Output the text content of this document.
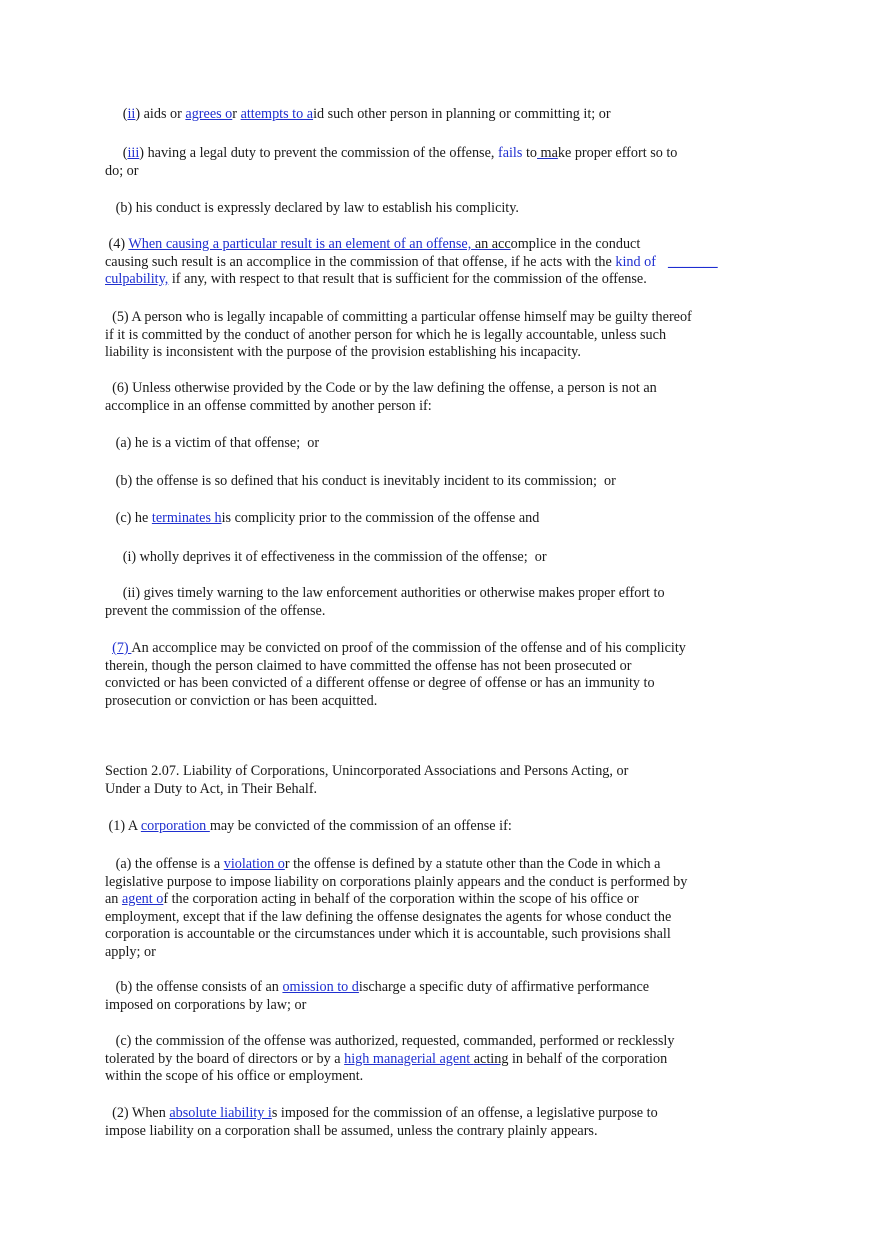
(ii) aids or agrees or attempts to aid such other person in planning or committing it; or
(iii) having a legal duty to prevent the commission of the offense, fails to make proper effort so to
do; or
(b) his conduct is expressly declared by law to establish his complicity.
(4) When causing a particular result is an element of an offense, an accomplice in the conduct
causing such result is an accomplice in the commission of that offense, if he acts with the kind of _______
culpability, if any, with respect to that result that is sufficient for the commission of the offense.
(5) A person who is legally incapable of committing a particular offense himself may be guilty thereof
if it is committed by the conduct of another person for which he is legally accountable, unless such
liability is inconsistent with the purpose of the provision establishing his incapacity.
(6) Unless otherwise provided by the Code or by the law defining the offense, a person is not an
accomplice in an offense committed by another person if:
(a) he is a victim of that offense;  or
(b) the offense is so defined that his conduct is inevitably incident to its commission;  or
(c) he terminates his complicity prior to the commission of the offense and
(i) wholly deprives it of effectiveness in the commission of the offense;  or
(ii) gives timely warning to the law enforcement authorities or otherwise makes proper effort to
prevent the commission of the offense.
(7) An accomplice may be convicted on proof of the commission of the offense and of his complicity
therein, though the person claimed to have committed the offense has not been prosecuted or
convicted or has been convicted of a different offense or degree of offense or has an immunity to
prosecution or conviction or has been acquitted.
Section 2.07. Liability of Corporations, Unincorporated Associations and Persons Acting, or
Under a Duty to Act, in Their Behalf.
(1) A corporation may be convicted of the commission of an offense if:
(a) the offense is a violation or the offense is defined by a statute other than the Code in which a
legislative purpose to impose liability on corporations plainly appears and the conduct is performed by
an agent of the corporation acting in behalf of the corporation within the scope of his office or
employment, except that if the law defining the offense designates the agents for whose conduct the
corporation is accountable or the circumstances under which it is accountable, such provisions shall
apply; or
(b) the offense consists of an omission to discharge a specific duty of affirmative performance
imposed on corporations by law; or
(c) the commission of the offense was authorized, requested, commanded, performed or recklessly
tolerated by the board of directors or by a high managerial agent acting in behalf of the corporation
within the scope of his office or employment.
(2) When absolute liability is imposed for the commission of an offense, a legislative purpose to
impose liability on a corporation shall be assumed, unless the contrary plainly appears.
